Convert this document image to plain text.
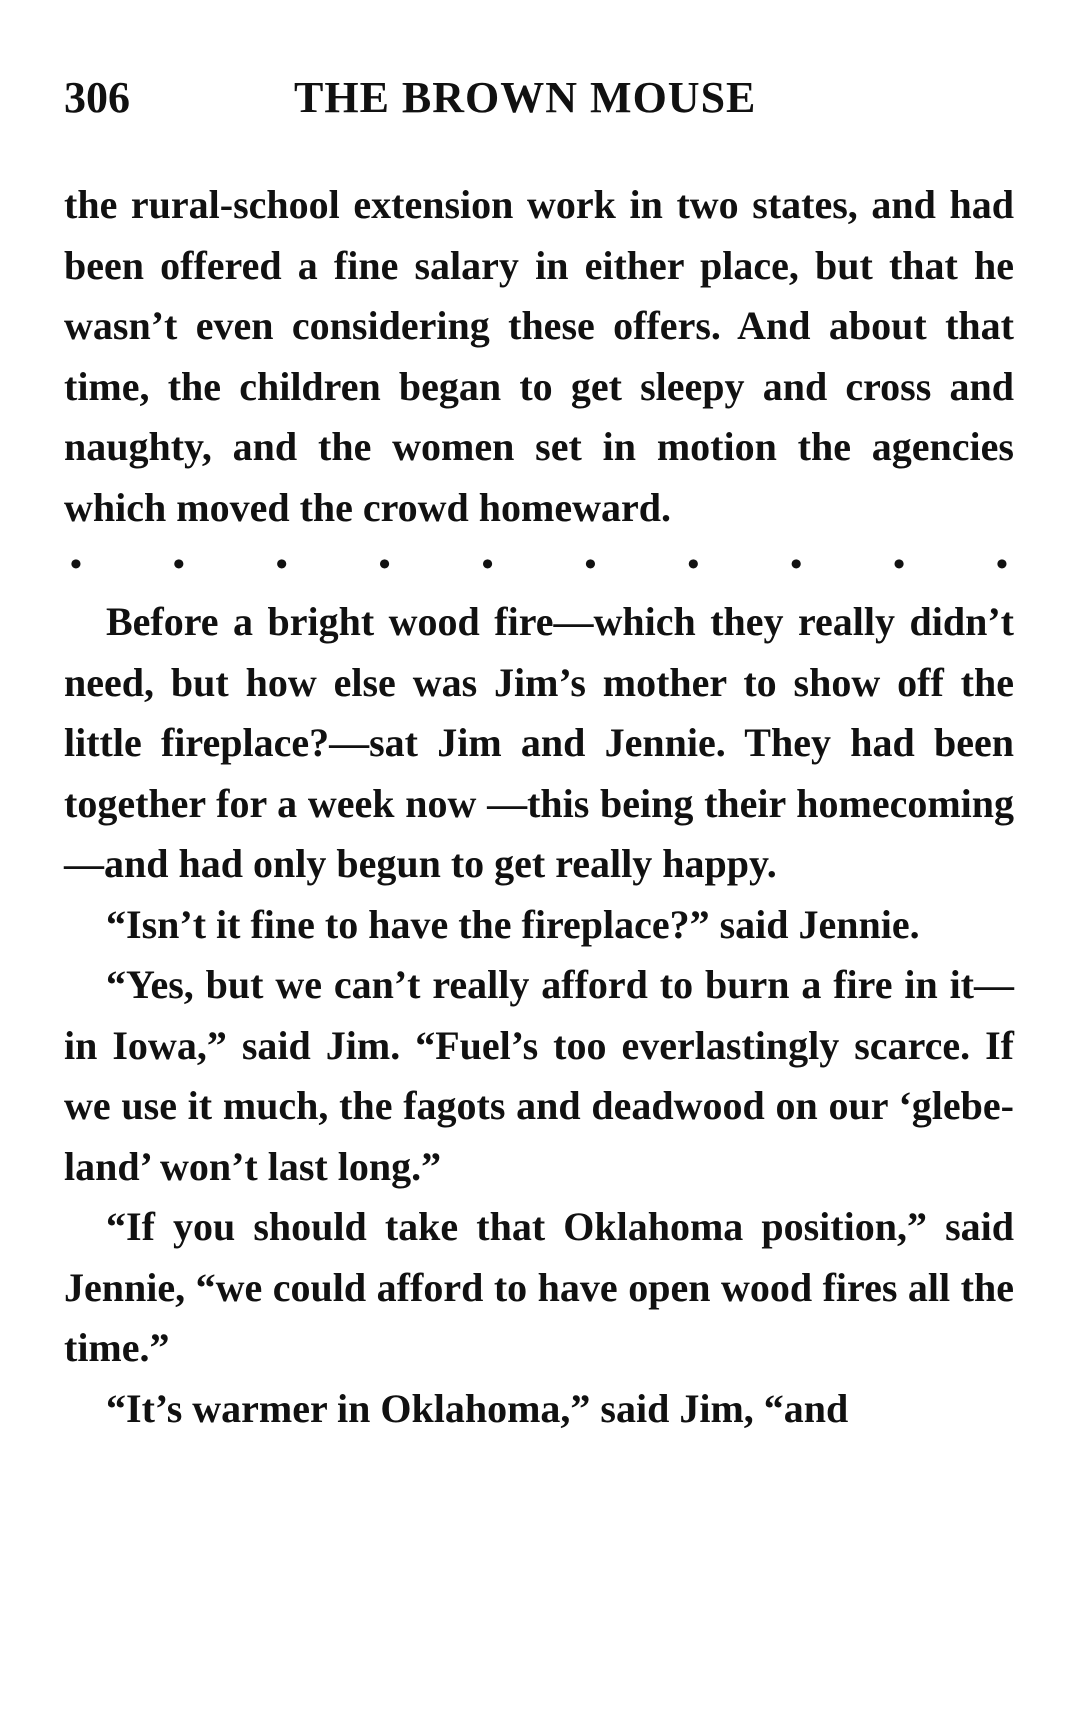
306	THE BROWN MOUSE

the rural-school extension work in two states, and had been offered a fine salary in either place, but that he wasn’t even considering these offers. And about that time, the children began to get sleepy and cross and naughty, and the women set in motion the agencies which moved the crowd homeward.

•	•	•	•	•	•	•	•	•	•

Before a bright wood fire—which they really didn’t need, but how else was Jim’s mother to show off the little fireplace?—sat Jim and Jennie. They had been together for a week now —this being their homecoming—and had only begun to get really happy.

“Isn’t it fine to have the fireplace?” said Jennie.

“Yes, but we can’t really afford to burn a fire in it—in Iowa,” said Jim. “Fuel’s too everlastingly scarce. If we use it much, the fagots and deadwood on our ‘glebe-land’ won’t last long.”

“If you should take that Oklahoma position,” said Jennie, “we could afford to have open wood fires all the time.”

“It’s warmer in Oklahoma,” said Jim, “and
